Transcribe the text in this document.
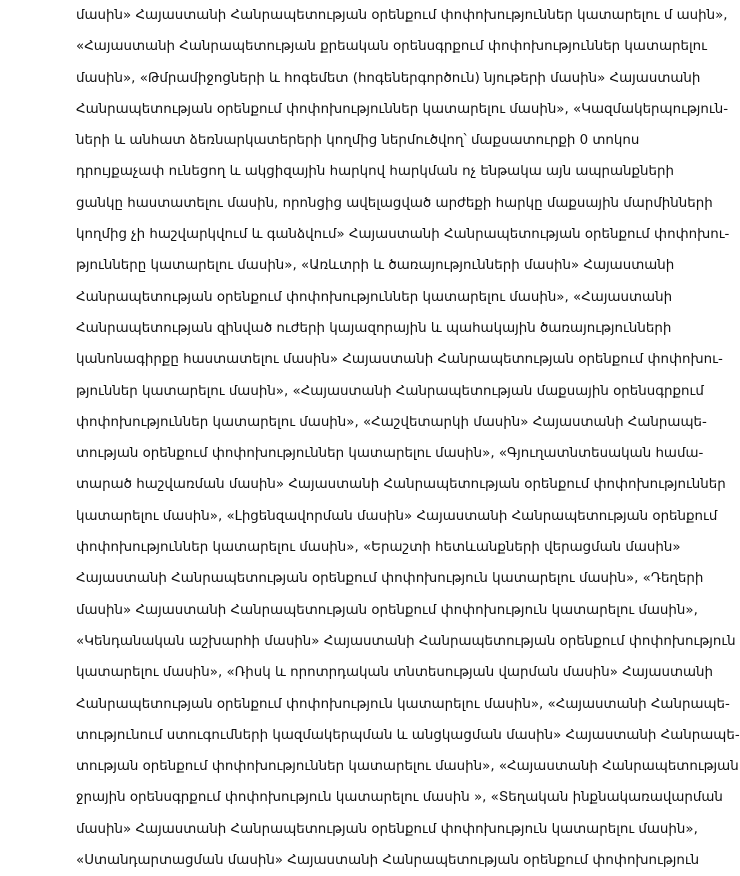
մասին» Հայաստանի Հանրապետության օրենքում փոփոխություններ կատարելու մ ասին»,
«Հայաստանի Հանրապետության քրեական օրենսգրքում փոփոխություններ կատարելու
մասին», «Թմրամիջոցների և հոգեմետ (հոգեներգործուն) նյութերի մասին» Հայաստանի
Հանրապետության օրենքում փոփոխություններ կատարելու մասին», «Կազմակերպություն-
ների և անհատ ձեռնարկատերերի կողմից ներմուծվող՝ մաքսատուրքի 0 տոկոս
դրույքաչափ ունեցող և ակցիզային հարկով հարկման ոչ ենթակա այն ապրանքների
ցանկը հաստատելու մասին, որոնցից ավելացված արժեքի հարկը մաքսային մարմինների
կողմից չի հաշվարկվում և գանձվում» Հայաստանի Հանրապետության օրենքում փոփոխու-
թյունները կատարելու մասին», «Առևտրի և ծառայությունների մասին» Հայաստանի
Հանրապետության օրենքում փոփոխություններ կատարելու մասին», «Հայաստանի
Հանրապետության զինված ուժերի կայազորային և պահակային ծառայությունների
կանոնագիրքը հաստատելու մասին» Հայաստանի Հանրապետության օրենքում փոփոխու-
թյուններ կատարելու մասին», «Հայաստանի Հանրապետության մաքսային օրենսգրքում
փոփոխություններ կատարելու մասին», «Հաշվետարկի մասին» Հայաստանի Հանրապե-
տության օրենքում փոփոխություններ կատարելու մասին», «Գյուղատնտեսական համա-
տարած հաշվառման մասին» Հայաստանի Հանրապետության օրենքում փոփոխություններ
կատարելու մասին», «Լիցենզավորման մասին» Հայաստանի Հանրապետության օրենքում
փոփոխություններ կատարելու մասին», «Երաշտի հետևանքների վերացման մասին»
Հայաստանի Հանրապետության օրենքում փոփոխություն կատարելու մասին», «Դեղերի
մասին» Հայաստանի Հանրապետության օրենքում փոփոխություն կատարելու մասին»,
«Կենդանական աշխարհի մասին» Հայաստանի Հանրապետության օրենքում փոփոխություն
կատարելու մասին», «Ռիսկ և որոտրդական տնտեսության վարման մասին» Հայաստանի
Հանրապետության օրենքում փոփոխություն կատարելու մասին», «Հայաստանի Հանրապե-
տությունում ստուգումների կազմակերպման և անցկացման մասին» Հայաստանի Հանրապե-
տության օրենքում փոփոխություններ կատարելու մասին», «Հայաստանի Հանրապետության
ջրային օրենսգրքում փոփոխություն կատարելու մասին », «Տեղական ինքնակառավարման
մասին» Հայաստանի Հանրապետության օրենքում փոփոխություն կատարելու մասին»,
«Ստանդարտացման մասին» Հայաստանի Հանրապետության օրենքում փոփոխություն
